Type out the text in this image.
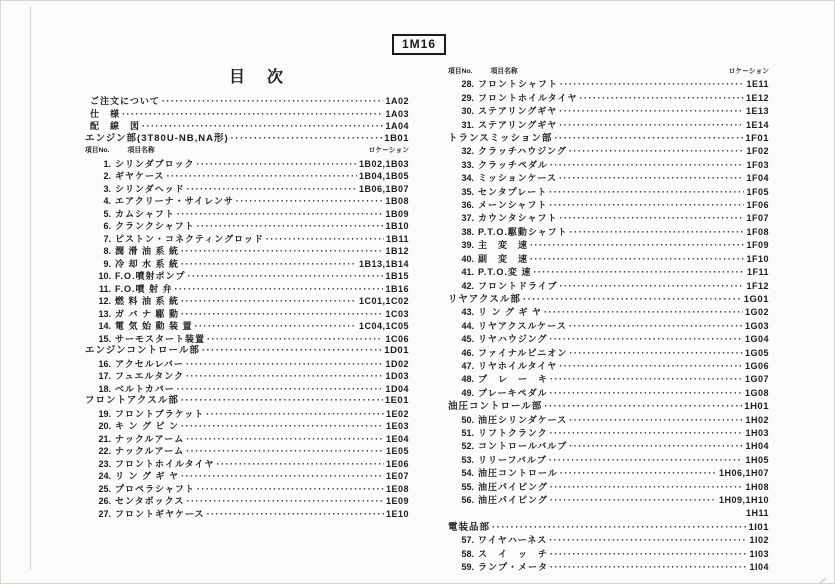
1M16
目　次
ご注文について ·····	1A02
仕　様 ·····	1A03
配　線　図 ·····	1A04
エンジン部(3T80U-NB,NA形) ·····	1B01
項目No.	項目名称	ロケーション
1. シリンダブロック ·····	1B02,1B03
2. ギヤケース ·····	1B04,1B05
3. シリンダヘッド ·····	1B06,1B07
4. エアクリーナ・サイレンサ ·····	1B08
5. カムシャフト ·····	1B09
6. クランクシャフト ·····	1B10
7. ピストン・コネクティングロッド ·····	1B11
8. 潤 滑 油 系 統 ·····	1B12
9. 冷 却 水 系 統 ·····	1B13,1B14
10. F.O.噴射ポンプ ·····	1B15
11. F.O.噴 射 弁 ·····	1B16
12. 燃 料 油 系 統 ·····	1C01,1C02
13. ガ バ ナ 駆 動 ·····	1C03
14. 電 気 始 動 装 置 ·····	1C04,1C05
15. サーモスタート装置 ·····	1C06
エンジンコントロール部 ·····	1D01
16. アクセルレバー ·····	1D02
17. フュエルタンク ·····	1D03
18. ベルトカバー ·····	1D04
フロントアクスル部 ·····	1E01
19. フロントブラケット ·····	1E02
20. キ ン グ ピ ン ·····	1E03
21. ナックルアーム ·····	1E04
22. ナックルアーム ·····	1E05
23. フロントホイルタイヤ ·····	1E06
24. リ ン グ ギ ヤ ·····	1E07
25. プロペラシャフト ·····	1E08
26. センタボックス ·····	1E09
27. フロントギヤケース ·····	1E10
項目No.	項目名称	ロケーション
28. フロントシャフト ·····	1E11
29. フロントホイルタイヤ ·····	1E12
30. ステアリングギヤ ·····	1E13
31. ステアリングギヤ ·····	1E14
トランスミッション部 ·····	1F01
32. クラッチハウジング ·····	1F02
33. クラッチペダル ·····	1F03
34. ミッションケース ·····	1F04
35. センタプレート ·····	1F05
36. メーンシャフト ·····	1F06
37. カウンタシャフト ·····	1F07
38. P.T.O.駆動シャフト ·····	1F08
39. 主　変　速 ·····	1F09
40. 副　変　速 ·····	1F10
41. P.T.O.変 速 ·····	1F11
42. フロントドライブ ·····	1F12
リヤアクスル部 ·····	1G01
43. リ ン グ ギ ヤ ·····	1G02
44. リヤアクスルケース ·····	1G03
45. リヤハウジング ·····	1G04
46. ファイナルピニオン ·····	1G05
47. リヤホイルタイヤ ·····	1G06
48. ブ　レ　ー　キ ·····	1G07
49. ブレーキペダル ·····	1G08
油圧コントロール部 ·····	1H01
50. 油圧シリンダケース ·····	1H02
51. リフトクランク ·····	1H03
52. コントロールバルブ ·····	1H04
53. リリーフバルブ ·····	1H05
54. 油圧コントロール ·····	1H06,1H07
55. 油圧パイピング ·····	1H08
56. 油圧パイピング ·····	1H09,1H10
1H11
電装品部 ·····	1I01
57. ワイヤハーネス ·····	1I02
58. ス　イ　ッ　チ ·····	1I03
59. ランプ・メータ ·····	1I04
